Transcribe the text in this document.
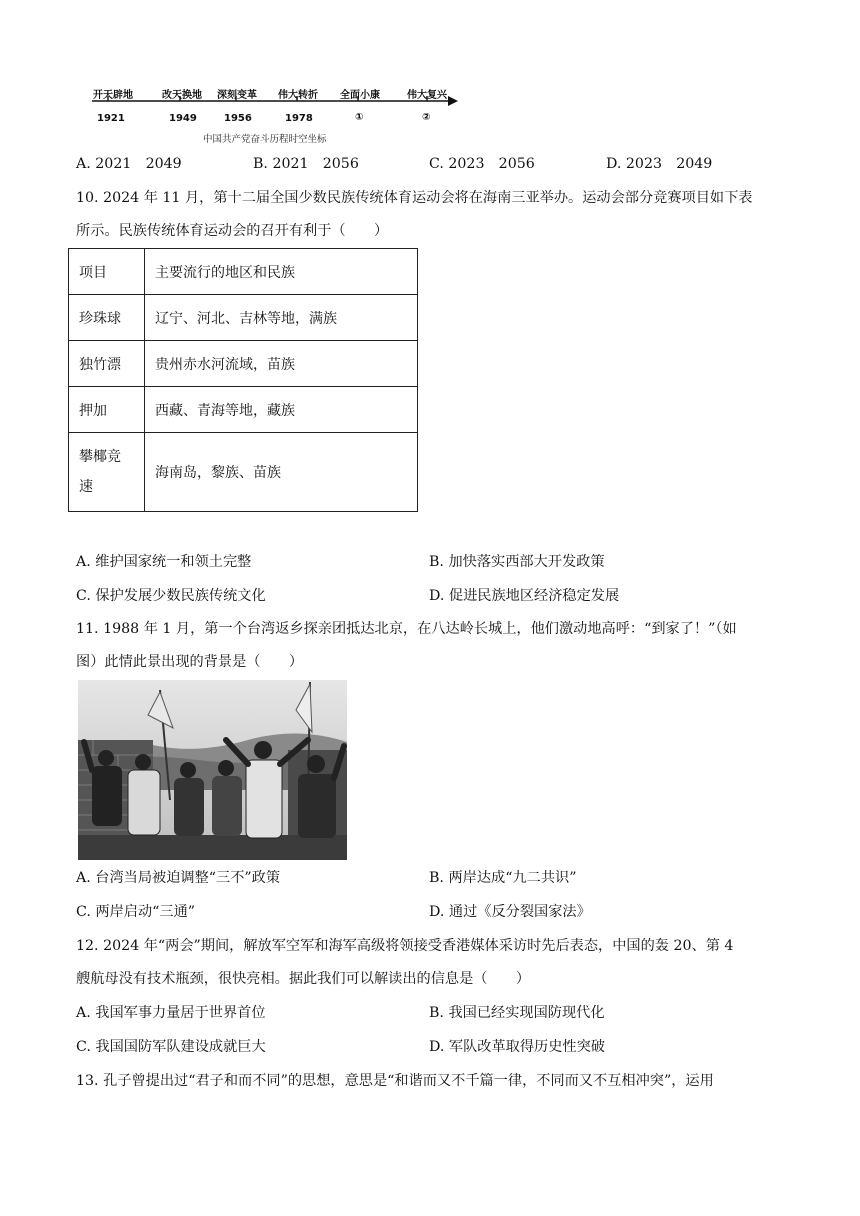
开天辟地	改天换地 深刻变革 伟大转折 全面小康	伟大复兴
1921	1949	1956	1978	①	②
中国共产党奋斗历程时空坐标
A. 2021　2049	B. 2021　2056	C. 2023　2056	D. 2023　2049
10. 2024 年 11 月，第十二届全国少数民族传统体育运动会将在海南三亚举办。运动会部分竞赛项目如下表
所示。民族传统体育运动会的召开有利于（　　）
项目	主要流行的地区和民族
珍珠球	辽宁、河北、吉林等地，满族
独竹漂	贵州赤水河流域，苗族
押加	西藏、青海等地，藏族

攀椰竞
速	海南岛，黎族、苗族
A. 维护国家统一和领土完整	B. 加快落实西部大开发政策
C. 保护发展少数民族传统文化	D. 促进民族地区经济稳定发展
11. 1988 年 1 月，第一个台湾返乡探亲团抵达北京，在八达岭长城上，他们激动地高呼：“到家了！”（如
图）此情此景出现的背景是（　　）
A. 台湾当局被迫调整“三不”政策	B. 两岸达成“九二共识”
C. 两岸启动“三通”	D. 通过《反分裂国家法》
12. 2024 年“两会”期间，解放军空军和海军高级将领接受香港媒体采访时先后表态，中国的轰 20、第 4
艘航母没有技术瓶颈，很快亮相。据此我们可以解读出的信息是（　　）
A. 我国军事力量居于世界首位	B. 我国已经实现国防现代化
C. 我国国防军队建设成就巨大	D. 军队改革取得历史性突破
13. 孔子曾提出过“君子和而不同”的思想，意思是“和谐而又不千篇一律，不同而又不互相冲突”，运用
